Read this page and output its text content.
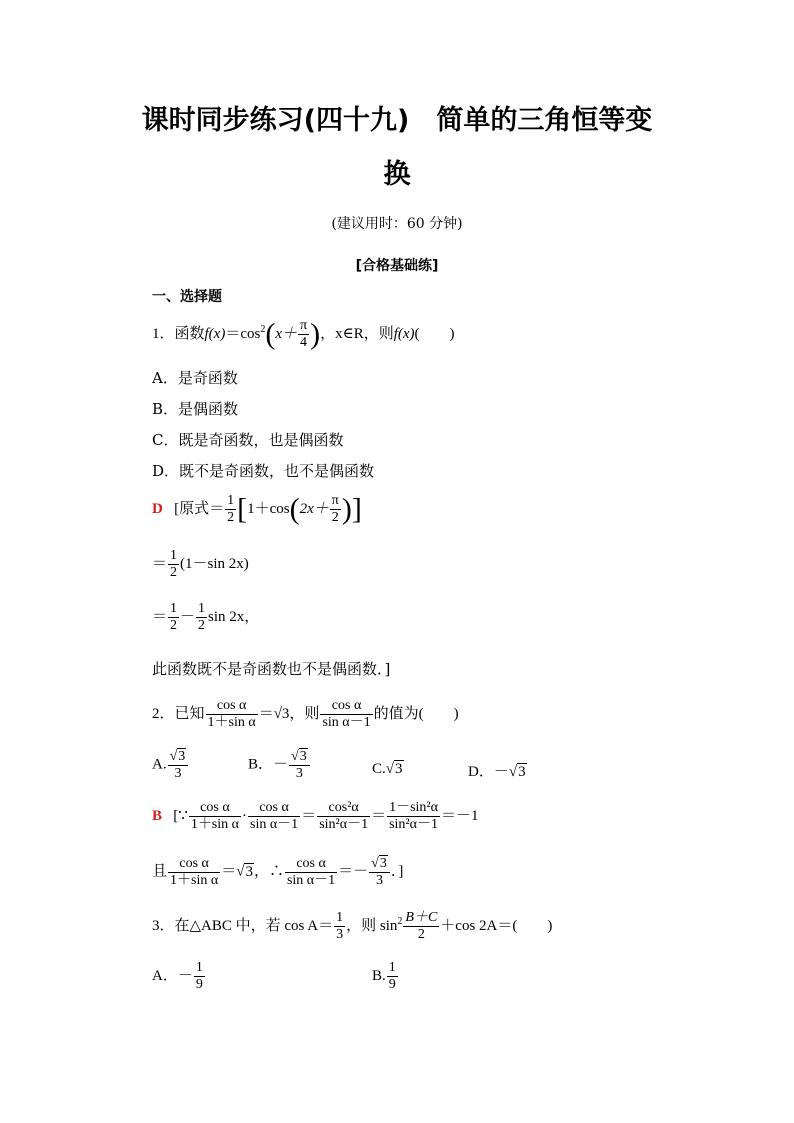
课时同步练习(四十九)　简单的三角恒等变
换
(建议用时：60 分钟)
[合格基础练]
一、选择题
1．函数$f(x)=\cos^2(x+ \frac{\pi}{4}$ )，x∈R，则f(x)(　　)
A．是奇函数
B．是偶函数
C．既是奇函数，也是偶函数
D．既不是奇函数，也不是偶函数
D [原式＝ $\frac{1}{2} [1+\cos(2x+ \frac{\pi}{2}$ )]
＝ $\frac{1}{2} (1-\sin$ 2x)
＝ $\frac{1}{2} - \frac{1}{2}$ sin 2x，
此函数既不是奇函数也不是偶函数．]
2．已知 $\frac{\text{cos α}}{\text{1＋sin α}} =√3$，则 $\frac{\text{cos α}}{\text{sin α－1}}$ 的值为(　　)
A. $\frac{√3}{3}$	B．－ $\frac{√3}{3}$	C.√3	D．－√3
B [∵ $\frac{\text{cos α}}{\text{1＋sin α}} \cdot \frac{\text{cos α}}{\text{sin α－1}} = \frac{\text{cos²α}}{\text{sin²α－1}} = \frac{\text{1－sin²α}}{\text{sin²α－1}} =-1$
且 $\frac{\text{cos α}}{\text{1＋sin α}} =√3$，∴ $\frac{\text{cos α}}{\text{sin α－1}} =- \frac{√3}{3}$ ．]
3．在△ABC 中，若 $\cos A= \frac{1}{3}$ ，则 $\sin^2 \frac{B+C}{2} +\cos$ 2A＝(　　)
A．－ $\frac{1}{9}$	B. $\frac{1}{9}$
